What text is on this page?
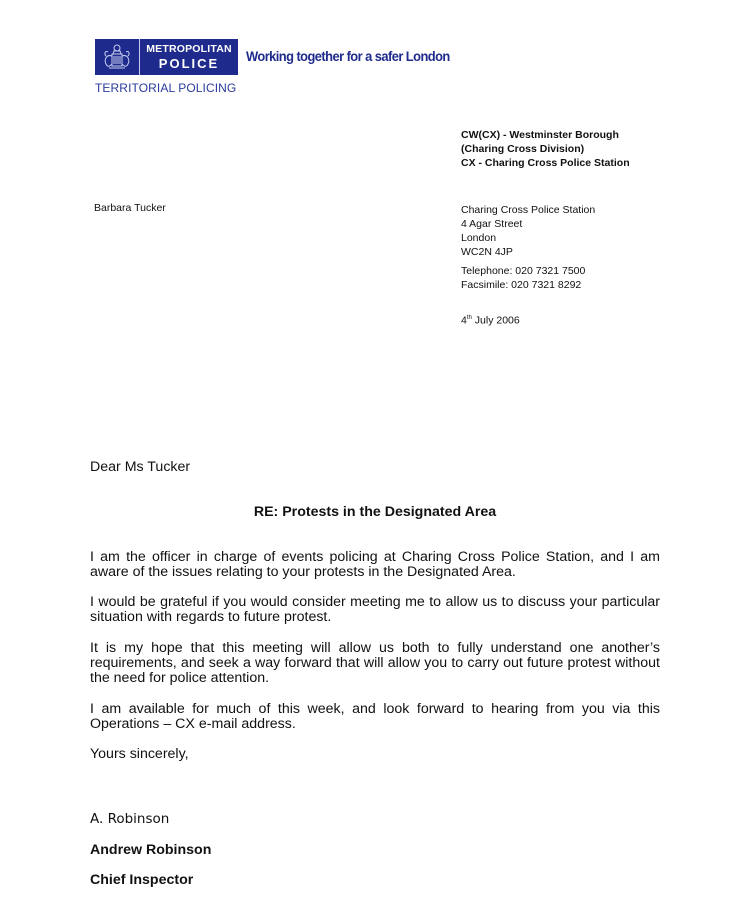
METROPOLITAN
POLICE Working together for a safer London
TERRITORIAL POLICING
CW(CX) - Westminster Borough
(Charing Cross Division)
CX - Charing Cross Police Station
Barbara Tucker	Charing Cross Police Station
4 Agar Street
London
WC2N 4JP
Telephone: 020 7321 7500
Facsimile: 020 7321 8292
4th July 2006
Dear Ms Tucker
RE: Protests in the Designated Area
I am the officer in charge of events policing at Charing Cross Police Station, and I am aware of the issues relating to your protests in the Designated Area.
I would be grateful if you would consider meeting me to allow us to discuss your particular situation with regards to future protest.
It is my hope that this meeting will allow us both to fully understand one another’s requirements, and seek a way forward that will allow you to carry out future protest without the need for police attention.
I am available for much of this week, and look forward to hearing from you via this Operations – CX e-mail address.
Yours sincerely,
A. Robinson
Andrew Robinson
Chief Inspector
